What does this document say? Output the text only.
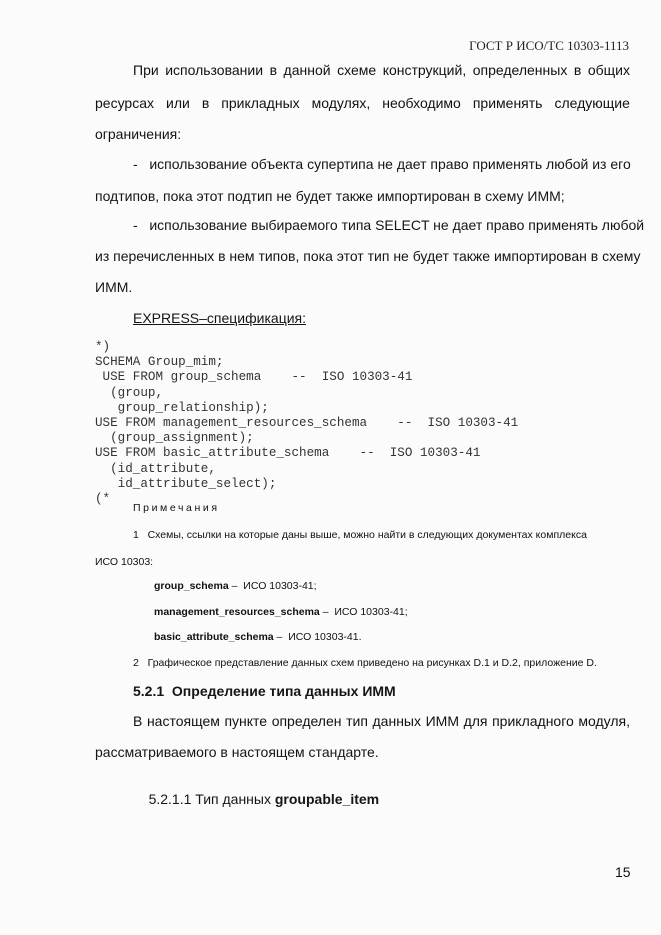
ГОСТ Р ИСО/ТС 10303-1113
При использовании в данной схеме конструкций, определенных в общих
ресурсах или в прикладных модулях, необходимо применять следующие
ограничения:
-   использование объекта супертипа не дает право применять любой из его
подтипов, пока этот подтип не будет также импортирован в схему ИММ;
-   использование выбираемого типа SELECT не дает право применять любой
из перечисленных в нем типов, пока этот тип не будет также импортирован в схему
ИММ.
EXPRESS–спецификация:
*)
SCHEMA Group_mim;
USE FROM group_schema    --  ISO 10303-41
(group,
group_relationship);
USE FROM management_resources_schema    --  ISO 10303-41
(group_assignment);
USE FROM basic_attribute_schema    --  ISO 10303-41
(id_attribute,
id_attribute_select);
(*
Примечания
1   Схемы, ссылки на которые даны выше, можно найти в следующих документах комплекса
ИСО 10303:
group_schema –  ИСО 10303-41;
management_resources_schema –  ИСО 10303-41;
basic_attribute_schema –  ИСО 10303-41.
2   Графическое представление данных схем приведено на рисунках D.1 и D.2, приложение D.
5.2.1  Определение типа данных ИММ
В настоящем пункте определен тип данных ИММ для прикладного модуля,
рассматриваемого в настоящем стандарте.

5.2.1.1 Тип данных groupable_item

15
